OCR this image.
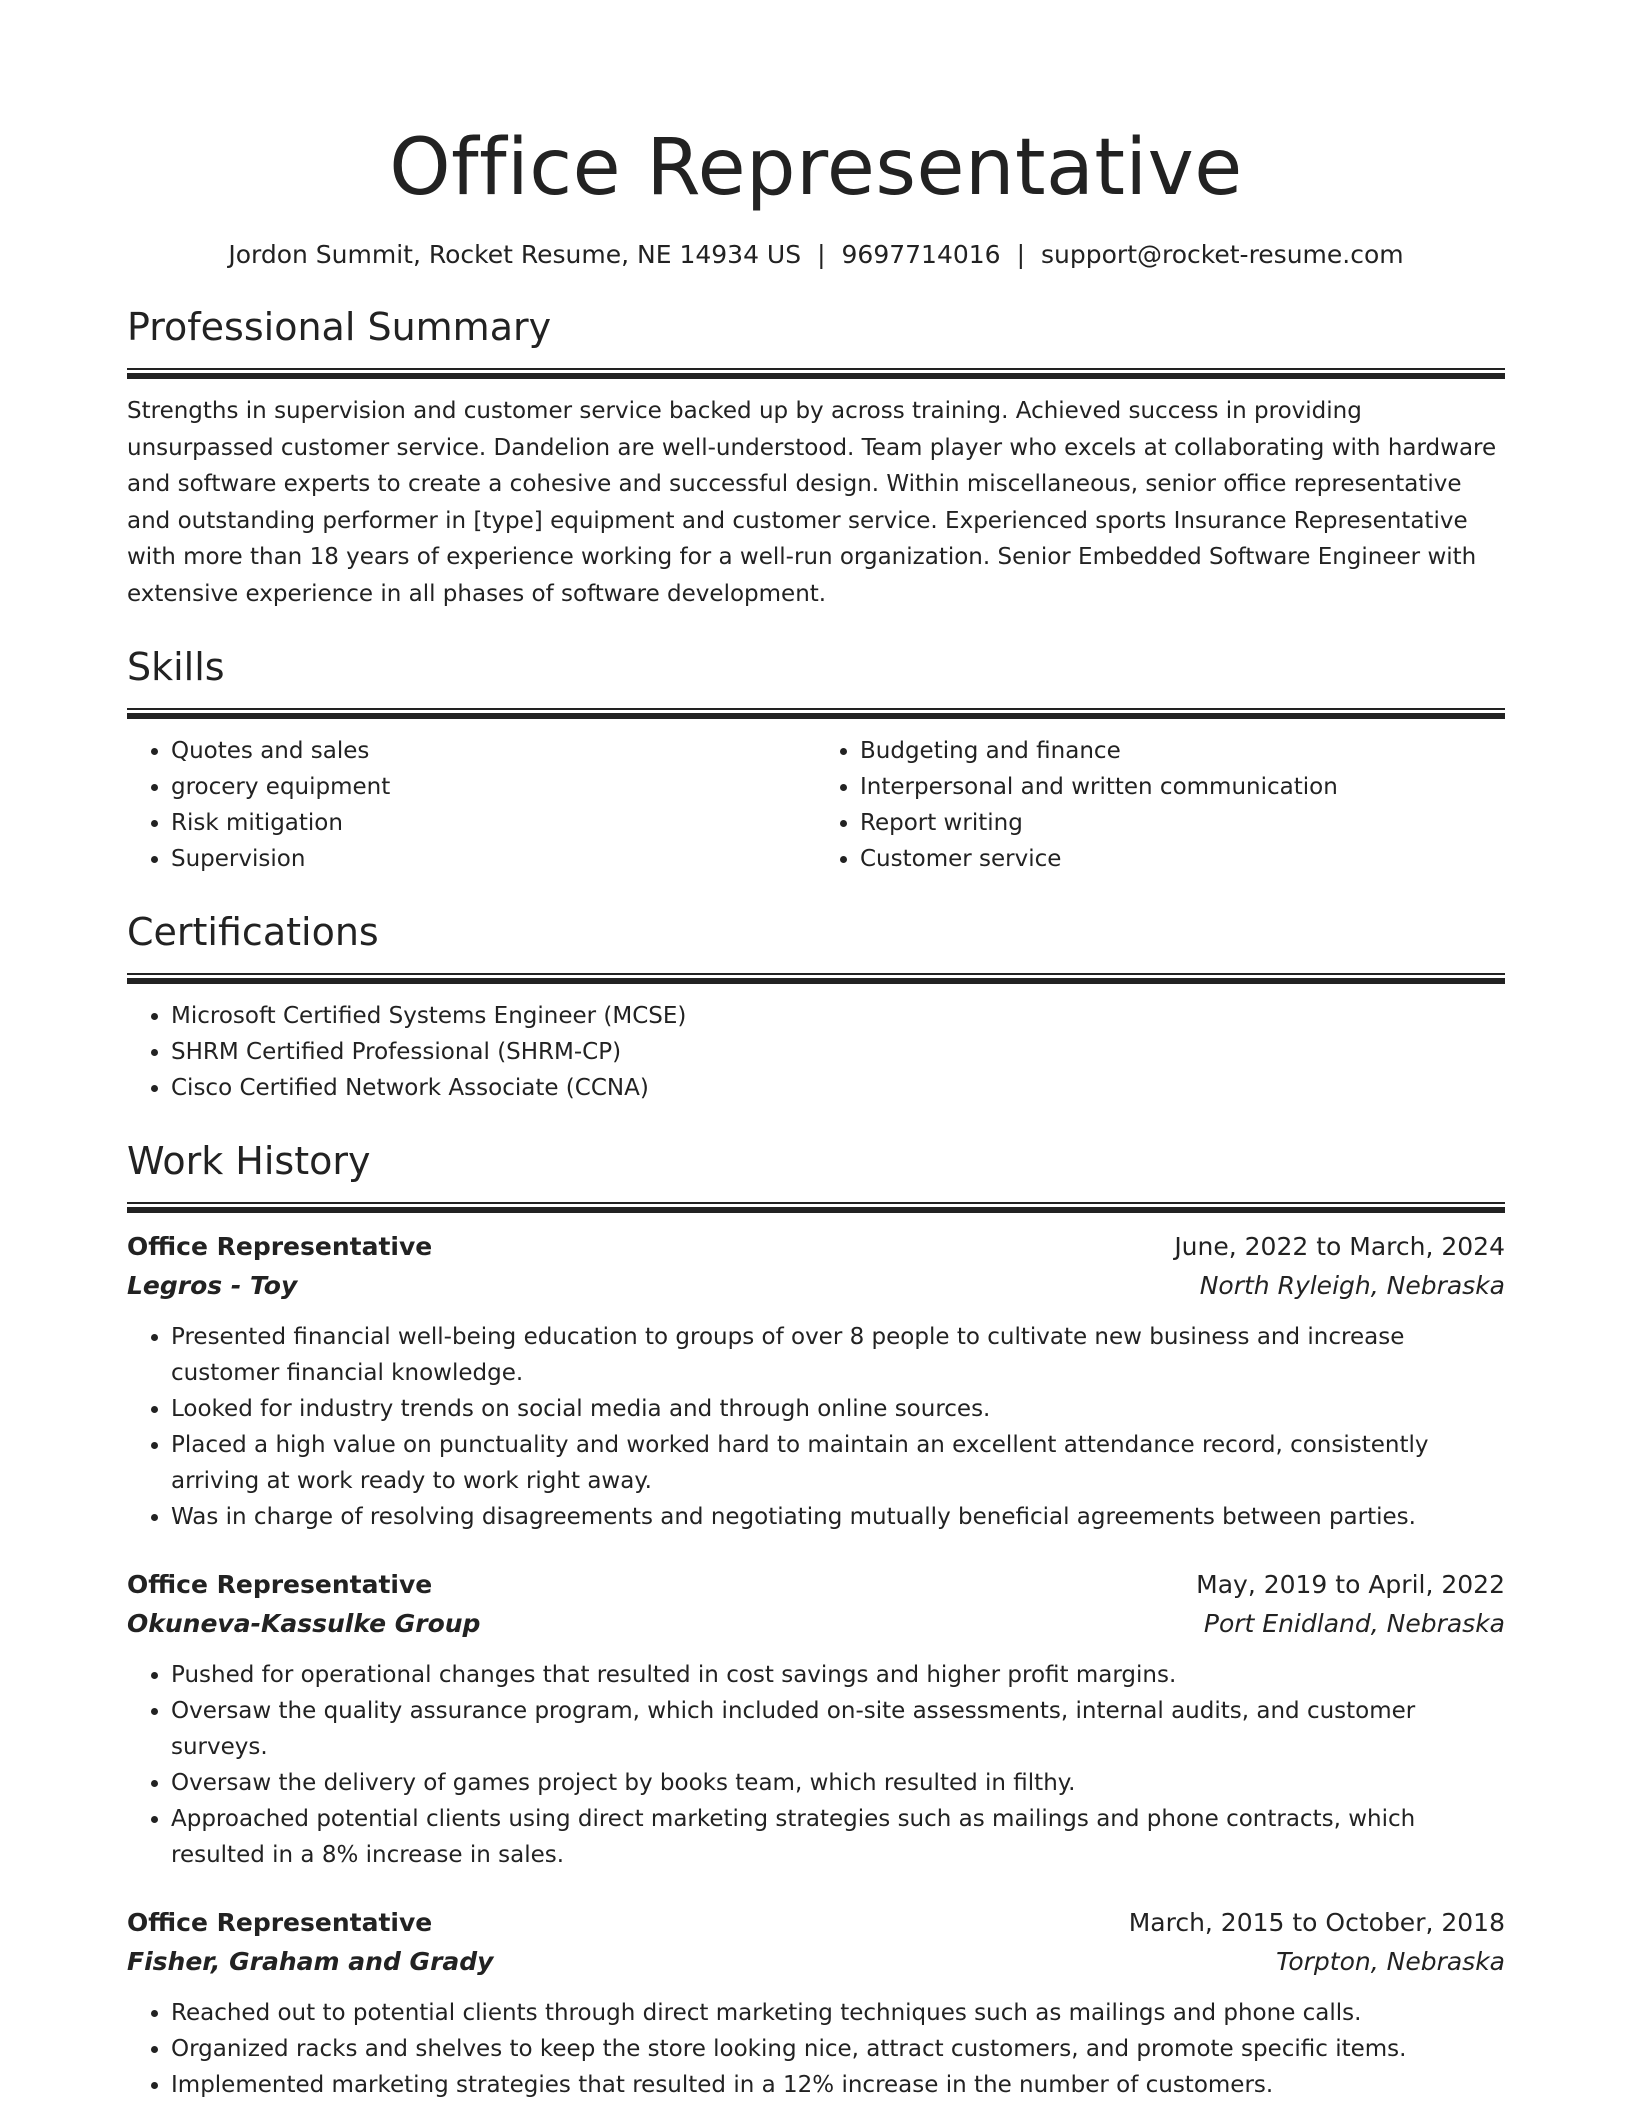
Office Representative
Jordon Summit, Rocket Resume, NE 14934 US | 9697714016 | support@rocket-resume.com
Professional Summary

Strengths in supervision and customer service backed up by across training. Achieved success in providing unsurpassed customer service. Dandelion are well-understood. Team player who excels at collaborating with hardware and software experts to create a cohesive and successful design. Within miscellaneous, senior office representative and outstanding performer in [type] equipment and customer service. Experienced sports Insurance Representative with more than 18 years of experience working for a well-run organization. Senior Embedded Software Engineer with extensive experience in all phases of software development.

Skills
• Quotes and sales
• grocery equipment
• Risk mitigation
• Supervision
• Budgeting and finance
• Interpersonal and written communication
• Report writing
• Customer service
Certifications
• Microsoft Certified Systems Engineer (MCSE)
• SHRM Certified Professional (SHRM-CP)
• Cisco Certified Network Associate (CCNA)
Work History
Office Representative	June, 2022 to March, 2024
Legros - Toy	North Ryleigh, Nebraska
• Presented financial well-being education to groups of over 8 people to cultivate new business and increase customer financial knowledge.
• Looked for industry trends on social media and through online sources.
• Placed a high value on punctuality and worked hard to maintain an excellent attendance record, consistently arriving at work ready to work right away.
• Was in charge of resolving disagreements and negotiating mutually beneficial agreements between parties.
Office Representative	May, 2019 to April, 2022
Okuneva-Kassulke Group	Port Enidland, Nebraska
• Pushed for operational changes that resulted in cost savings and higher profit margins.
• Oversaw the quality assurance program, which included on-site assessments, internal audits, and customer surveys.
• Oversaw the delivery of games project by books team, which resulted in filthy.
• Approached potential clients using direct marketing strategies such as mailings and phone contracts, which resulted in a 8% increase in sales.
Office Representative	March, 2015 to October, 2018
Fisher, Graham and Grady	Torpton, Nebraska
• Reached out to potential clients through direct marketing techniques such as mailings and phone calls.
• Organized racks and shelves to keep the store looking nice, attract customers, and promote specific items.
• Implemented marketing strategies that resulted in a 12% increase in the number of customers.
